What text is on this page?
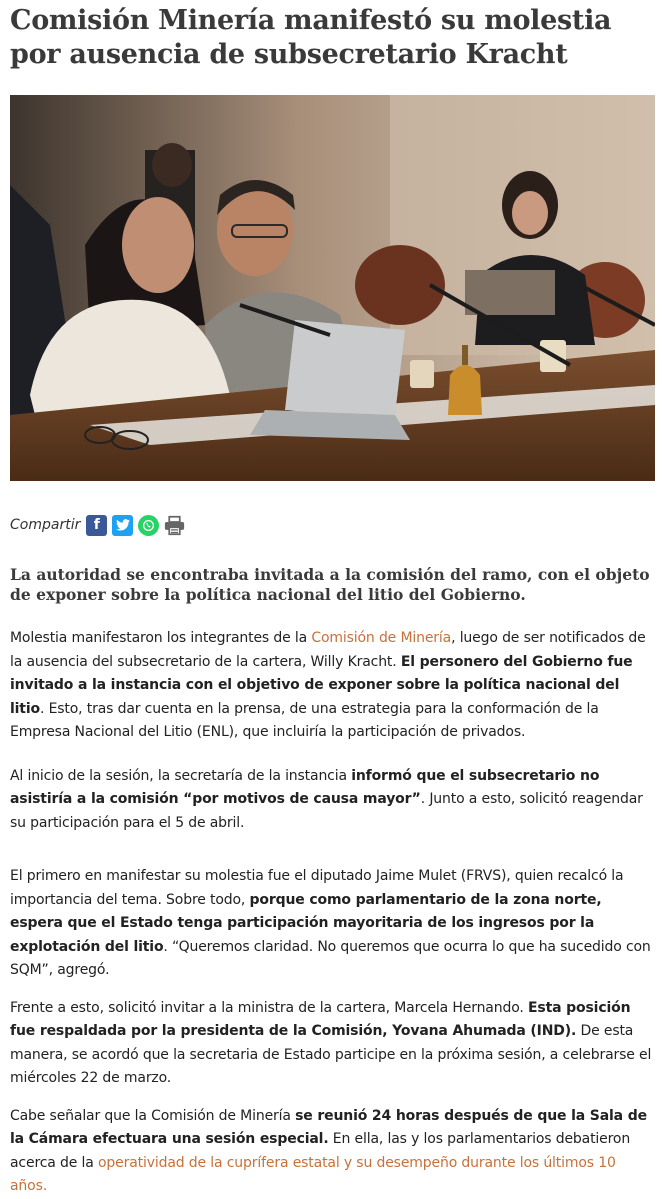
Comisión Minería manifestó su molestia por ausencia de subsecretario Kracht
Compartir f
La autoridad se encontraba invitada a la comisión del ramo, con el objeto de exponer sobre la política nacional del litio del Gobierno.

Molestia manifestaron los integrantes de la Comisión de Minería, luego de ser notificados de la ausencia del subsecretario de la cartera, Willy Kracht. El personero del Gobierno fue invitado a la instancia con el objetivo de exponer sobre la política nacional del litio. Esto, tras dar cuenta en la prensa, de una estrategia para la conformación de la Empresa Nacional del Litio (ENL), que incluiría la participación de privados.

Al inicio de la sesión, la secretaría de la instancia informó que el subsecretario no asistiría a la comisión “por motivos de causa mayor”. Junto a esto, solicitó reagendar su participación para el 5 de abril.

El primero en manifestar su molestia fue el diputado Jaime Mulet (FRVS), quien recalcó la importancia del tema. Sobre todo, porque como parlamentario de la zona norte, espera que el Estado tenga participación mayoritaria de los ingresos por la explotación del litio. “Queremos claridad. No queremos que ocurra lo que ha sucedido con SQM”, agregó.

Frente a esto, solicitó invitar a la ministra de la cartera, Marcela Hernando. Esta posición fue respaldada por la presidenta de la Comisión, Yovana Ahumada (IND). De esta manera, se acordó que la secretaria de Estado participe en la próxima sesión, a celebrarse el miércoles 22 de marzo.

Cabe señalar que la Comisión de Minería se reunió 24 horas después de que la Sala de la Cámara efectuara una sesión especial. En ella, las y los parlamentarios debatieron acerca de la operatividad de la cuprífera estatal y su desempeño durante los últimos 10 años.
